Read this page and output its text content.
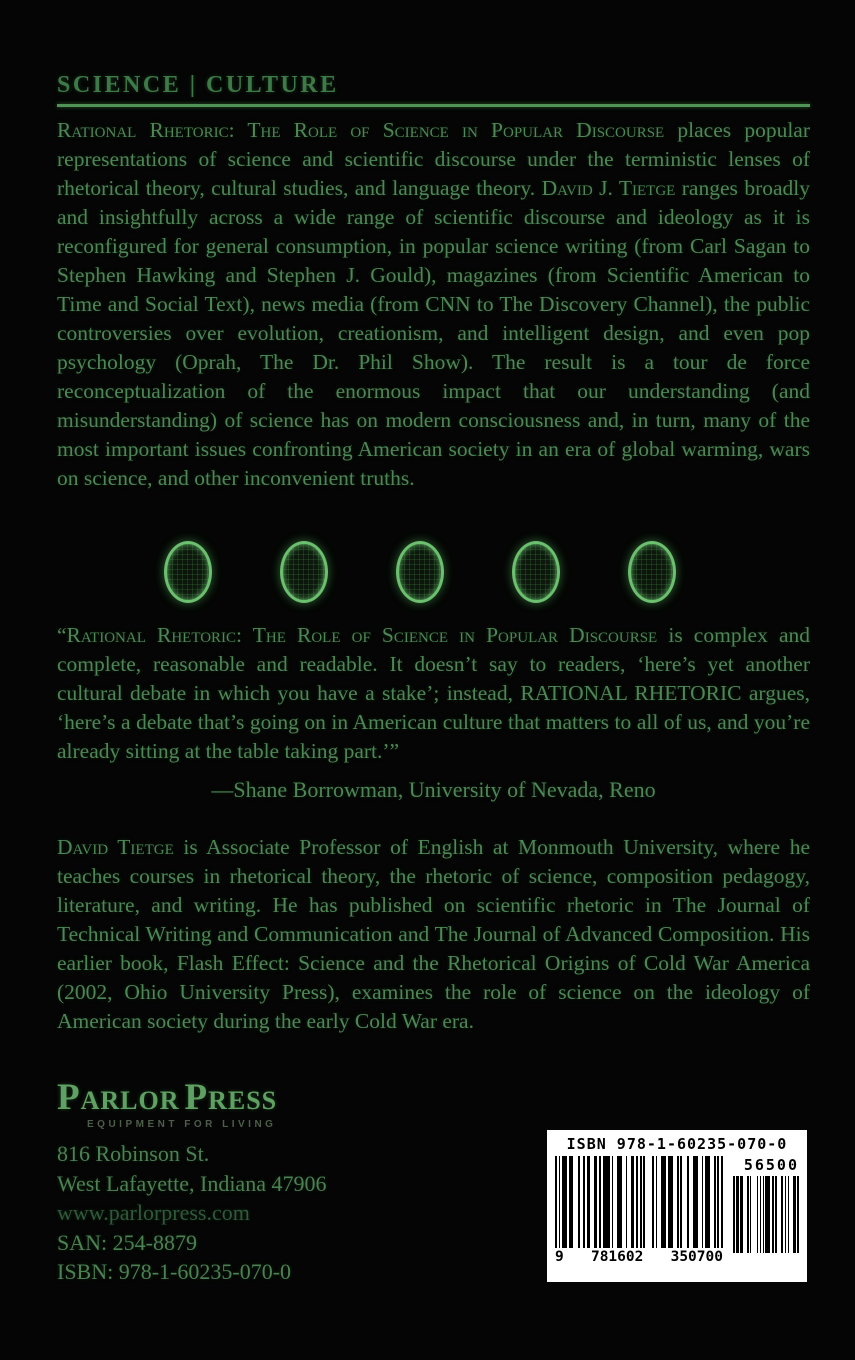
SCIENCE | CULTURE

Rational Rhetoric: The Role of Science in Popular Discourse places popular representations of science and scientific discourse under the terministic lenses of rhetorical theory, cultural studies, and language theory. David J. Tietge ranges broadly and insightfully across a wide range of scientific discourse and ideology as it is reconfigured for general consumption, in popular science writing (from Carl Sagan to Stephen Hawking and Stephen J. Gould), magazines (from Scientific American to Time and Social Text), news media (from CNN to The Discovery Channel), the public controversies over evolution, creationism, and intelligent design, and even pop psychology (Oprah, The Dr. Phil Show). The result is a tour de force reconceptualization of the enormous impact that our understanding (and misunderstanding) of science has on modern consciousness and, in turn, many of the most important issues confronting American society in an era of global warming, wars on science, and other inconvenient truths.

“Rational Rhetoric: The Role of Science in Popular Discourse is complex and complete, reasonable and readable. It doesn’t say to readers, ‘here’s yet another cultural debate in which you have a stake’; instead, RATIONAL RHETORIC argues, ‘here’s a debate that’s going on in American culture that matters to all of us, and you’re already sitting at the table taking part.’”

—Shane Borrowman, University of Nevada, Reno

David Tietge is Associate Professor of English at Monmouth University, where he teaches courses in rhetorical theory, the rhetoric of science, composition pedagogy, literature, and writing. He has published on scientific rhetoric in The Journal of Technical Writing and Communication and The Journal of Advanced Composition. His earlier book, Flash Effect: Science and the Rhetorical Origins of Cold War America (2002, Ohio University Press), examines the role of science on the ideology of American society during the early Cold War era.

Parlor Press
EQUIPMENT FOR LIVING
816 Robinson St.
West Lafayette, Indiana 47906
www.parlorpress.com
SAN: 254-8879
ISBN: 978-1-60235-070-0
ISBN 978-1-60235-070-0
9 781602 350700
56500
